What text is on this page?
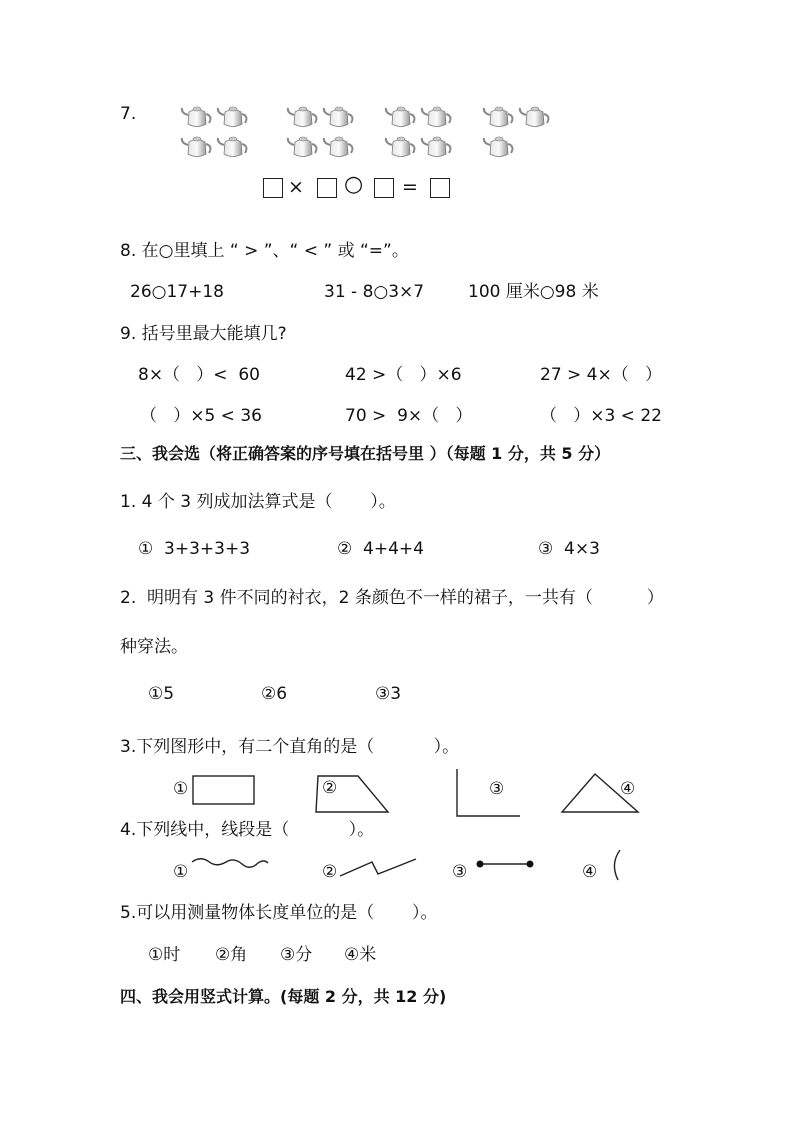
7.
× ○ =
8. 在○里填上 “ > ”、“ < ” 或 “=”。
26○17+18	31 - 8○3×7	100 厘米○98 米
9. 括号里最大能填几?
8×（   ）<  60	42 >（   ）×6	27 > 4×（   ）
（   ）×5 < 36	70 >  9×（   ）	（   ）×3 < 22
三、我会选（将正确答案的序号填在括号里 ）（每题 1 分，共 5 分）
1. 4 个 3 列成加法算式是（       ）。
①  3+3+3+3	②  4+4+4	③  4×3
2.  明明有 3 件不同的衬衣，2 条颜色不一样的裙子，一共有（          ）
种穿法。
①5	②6	③3
3.下列图形中，有二个直角的是（           ）。
①	②	③	④
4.下列线中，线段是（           ）。
①	②	③	④
5.可以用测量物体长度单位的是（       ）。
①时 ②角 ③分 ④米
四、我会用竖式计算。(每题 2 分，共 12 分)
